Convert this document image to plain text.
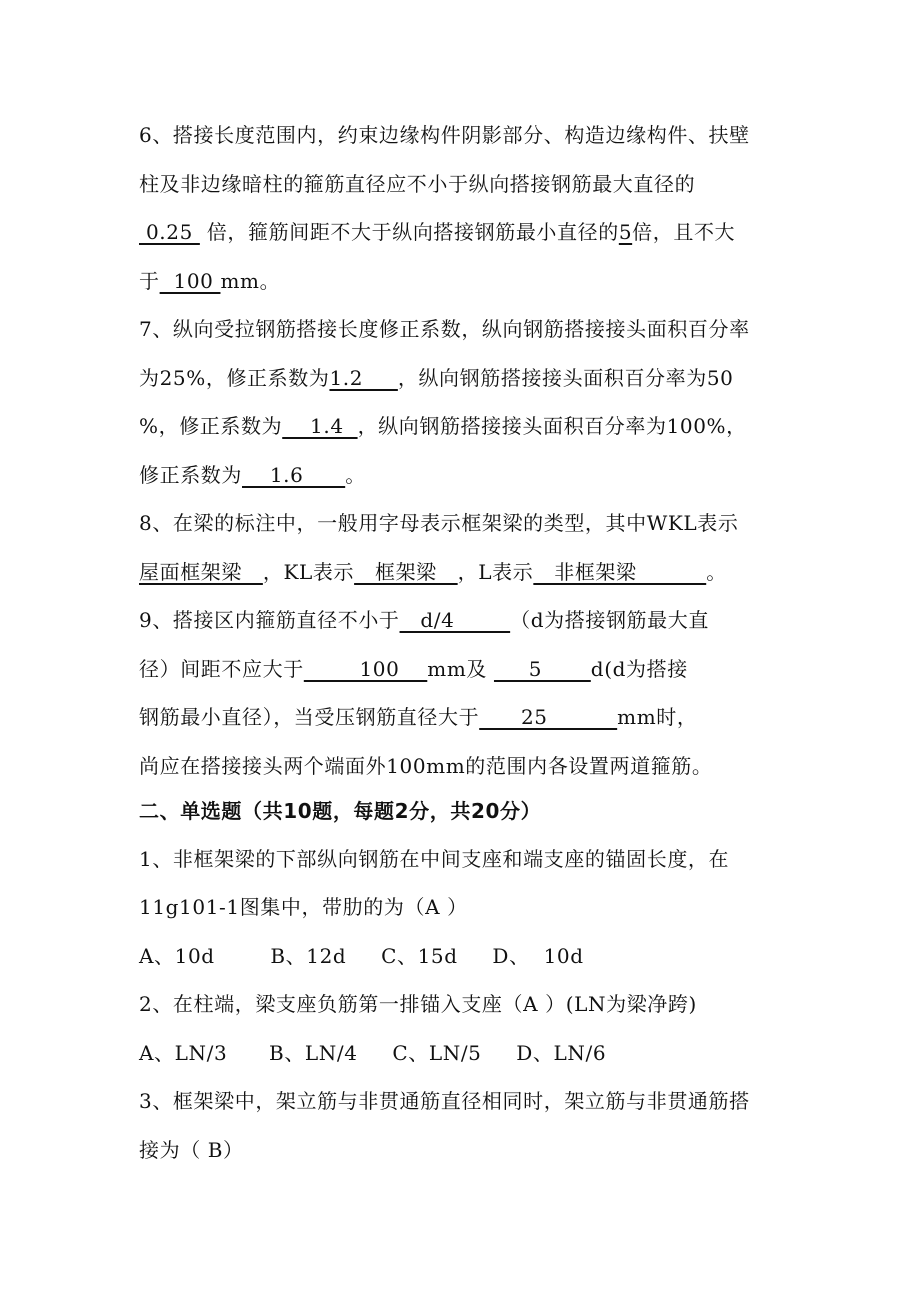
6、搭接长度范围内，约束边缘构件阴影部分、构造边缘构件、扶壁
柱及非边缘暗柱的箍筋直径应不小于纵向搭接钢筋最大直径的
0.25  倍，箍筋间距不大于纵向搭接钢筋最小直径的5倍，且不大
于  100 mm。
7、纵向受拉钢筋搭接长度修正系数，纵向钢筋搭接接头面积百分率
为25%，修正系数为1.2     ，纵向钢筋搭接接头面积百分率为50
%，修正系数为    1.4  ，纵向钢筋搭接接头面积百分率为100%，
修正系数为    1.6      。
8、在梁的标注中，一般用字母表示框架梁的类型，其中WKL表示
屋面框架梁   ，KL表示   框架梁   ，L表示   非框架梁          。
9、搭接区内箍筋直径不小于   d/4        （d为搭接钢筋最大直
径）间距不应大于        100    mm及      5       d(d为搭接
钢筋最小直径），当受压钢筋直径大于      25          mm时，
尚应在搭接接头两个端面外100mm的范围内各设置两道箍筋。
二、单选题（共10题，每题2分，共20分）
1、非框架梁的下部纵向钢筋在中间支座和端支座的锚固长度，在
11g101-1图集中，带肋的为（A ）
A、10d        B、12d     C、15d     D、  10d
2、在柱端，梁支座负筋第一排锚入支座（A ）(LN为梁净跨)
A、LN/3      B、LN/4     C、LN/5     D、LN/6
3、框架梁中，架立筋与非贯通筋直径相同时，架立筋与非贯通筋搭
接为（ B）
